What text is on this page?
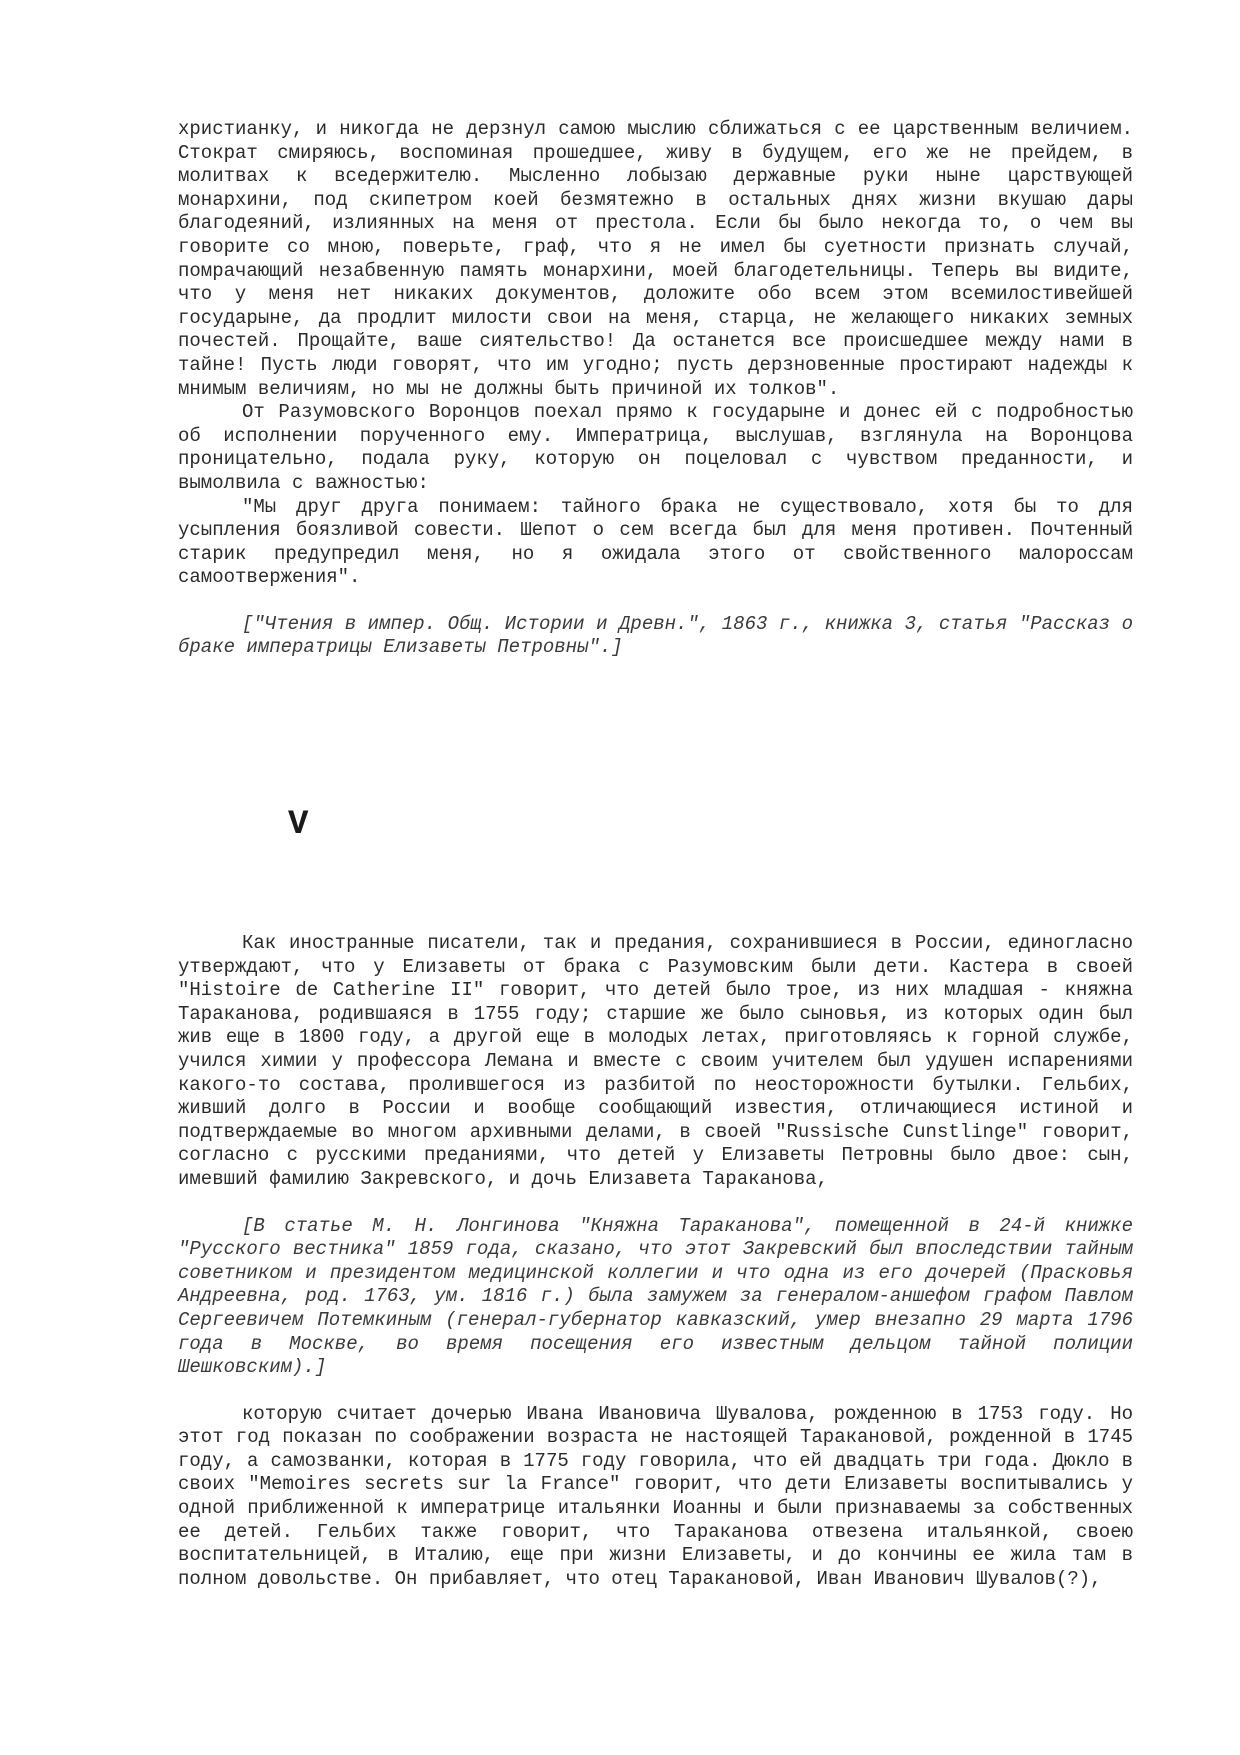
христианку, и никогда не дерзнул самою мыслию сближаться с ее царственным величием. Стократ смиряюсь, воспоминая прошедшее, живу в будущем, его же не прейдем, в молитвах к вседержителю. Мысленно лобызаю державные руки ныне царствующей монархини, под скипетром коей безмятежно в остальных днях жизни вкушаю дары благодеяний, излиянных на меня от престола. Если бы было некогда то, о чем вы говорите со мною, поверьте, граф, что я не имел бы суетности признать случай, помрачающий незабвенную память монархини, моей благодетельницы. Теперь вы видите, что у меня нет никаких документов, доложите обо всем этом всемилостивейшей государыне, да продлит милости свои на меня, старца, не желающего никаких земных почестей. Прощайте, ваше сиятельство! Да останется все происшедшее между нами в тайне! Пусть люди говорят, что им угодно; пусть дерзновенные простирают надежды к мнимым величиям, но мы не должны быть причиной их толков".

От Разумовского Воронцов поехал прямо к государыне и донес ей с подробностью об исполнении порученного ему. Императрица, выслушав, взглянула на Воронцова проницательно, подала руку, которую он поцеловал с чувством преданности, и вымолвила с важностью:

"Мы друг друга понимаем: тайного брака не существовало, хотя бы то для усыпления боязливой совести. Шепот о сем всегда был для меня противен. Почтенный старик предупредил меня, но я ожидала этого от свойственного малороссам самоотвержения".

["Чтения в импер. Общ. Истории и Древн.", 1863 г., книжка 3, статья "Рассказ о браке императрицы Елизаветы Петровны".]

V

Как иностранные писатели, так и предания, сохранившиеся в России, единогласно утверждают, что у Елизаветы от брака с Разумовским были дети. Кастера в своей "Histoire de Catherine II" говорит, что детей было трое, из них младшая - княжна Тараканова, родившаяся в 1755 году; старшие же было сыновья, из которых один был жив еще в 1800 году, а другой еще в молодых летах, приготовляясь к горной службе, учился химии у профессора Лемана и вместе с своим учителем был удушен испарениями какого-то состава, пролившегося из разбитой по неосторожности бутылки. Гельбих, живший долго в России и вообще сообщающий известия, отличающиеся истиной и подтверждаемые во многом архивными делами, в своей "Russische Cunstlinge" говорит, согласно с русскими преданиями, что детей у Елизаветы Петровны было двое: сын, имевший фамилию Закревского, и дочь Елизавета Тараканова,

[В статье М. Н. Лонгинова "Княжна Тараканова", помещенной в 24-й книжке "Русского вестника" 1859 года, сказано, что этот Закревский был впоследствии тайным советником и президентом медицинской коллегии и что одна из его дочерей (Прасковья Андреевна, род. 1763, ум. 1816 г.) была замужем за генералом-аншефом графом Павлом Сергеевичем Потемкиным (генерал-губернатор кавказский, умер внезапно 29 марта 1796 года в Москве, во время посещения его известным дельцом тайной полиции Шешковским).]

которую считает дочерью Ивана Ивановича Шувалова, рожденною в 1753 году. Но этот год показан по соображении возраста не настоящей Таракановой, рожденной в 1745 году, а самозванки, которая в 1775 году говорила, что ей двадцать три года. Дюкло в своих "Memoires secrets sur la France" говорит, что дети Елизаветы воспитывались у одной приближенной к императрице итальянки Иоанны и были признаваемы за собственных ее детей. Гельбих также говорит, что Тараканова отвезена итальянкой, своею воспитательницей, в Италию, еще при жизни Елизаветы, и до кончины ее жила там в полном довольстве. Он прибавляет, что отец Таракановой, Иван Иванович Шувалов(?),
